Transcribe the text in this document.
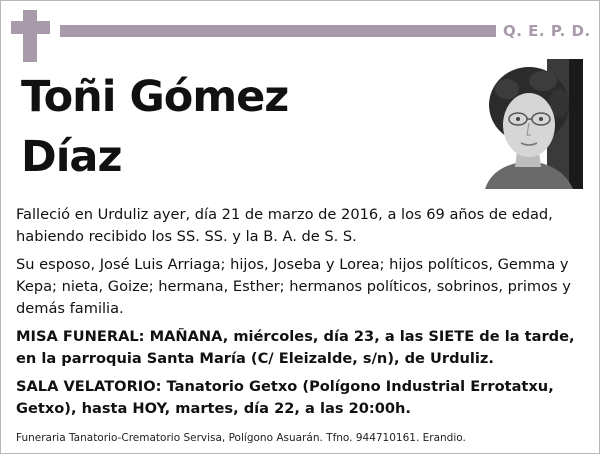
Q. E. P. D.
Toñi Gómez
Díaz

Falleció en Urduliz ayer, día 21 de marzo de 2016, a los 69 años de edad, habiendo recibido los SS. SS. y la B. A. de S. S.

Su esposo, José Luis Arriaga; hijos, Joseba y Lorea; hijos políticos, Gemma y Kepa; nieta, Goize; hermana, Esther; hermanos políticos, sobrinos, primos y demás familia.

MISA FUNERAL: MAÑANA, miércoles, día 23, a las SIETE de la tarde, en la parroquia Santa María (C/ Eleizalde, s/n), de Urduliz.

SALA VELATORIO: Tanatorio Getxo (Polígono Industrial Errotatxu, Getxo), hasta HOY, martes, día 22, a las 20:00h.

Funeraria Tanatorio-Crematorio Servisa, Polígono Asuarán. Tfno. 944710161. Erandio.
